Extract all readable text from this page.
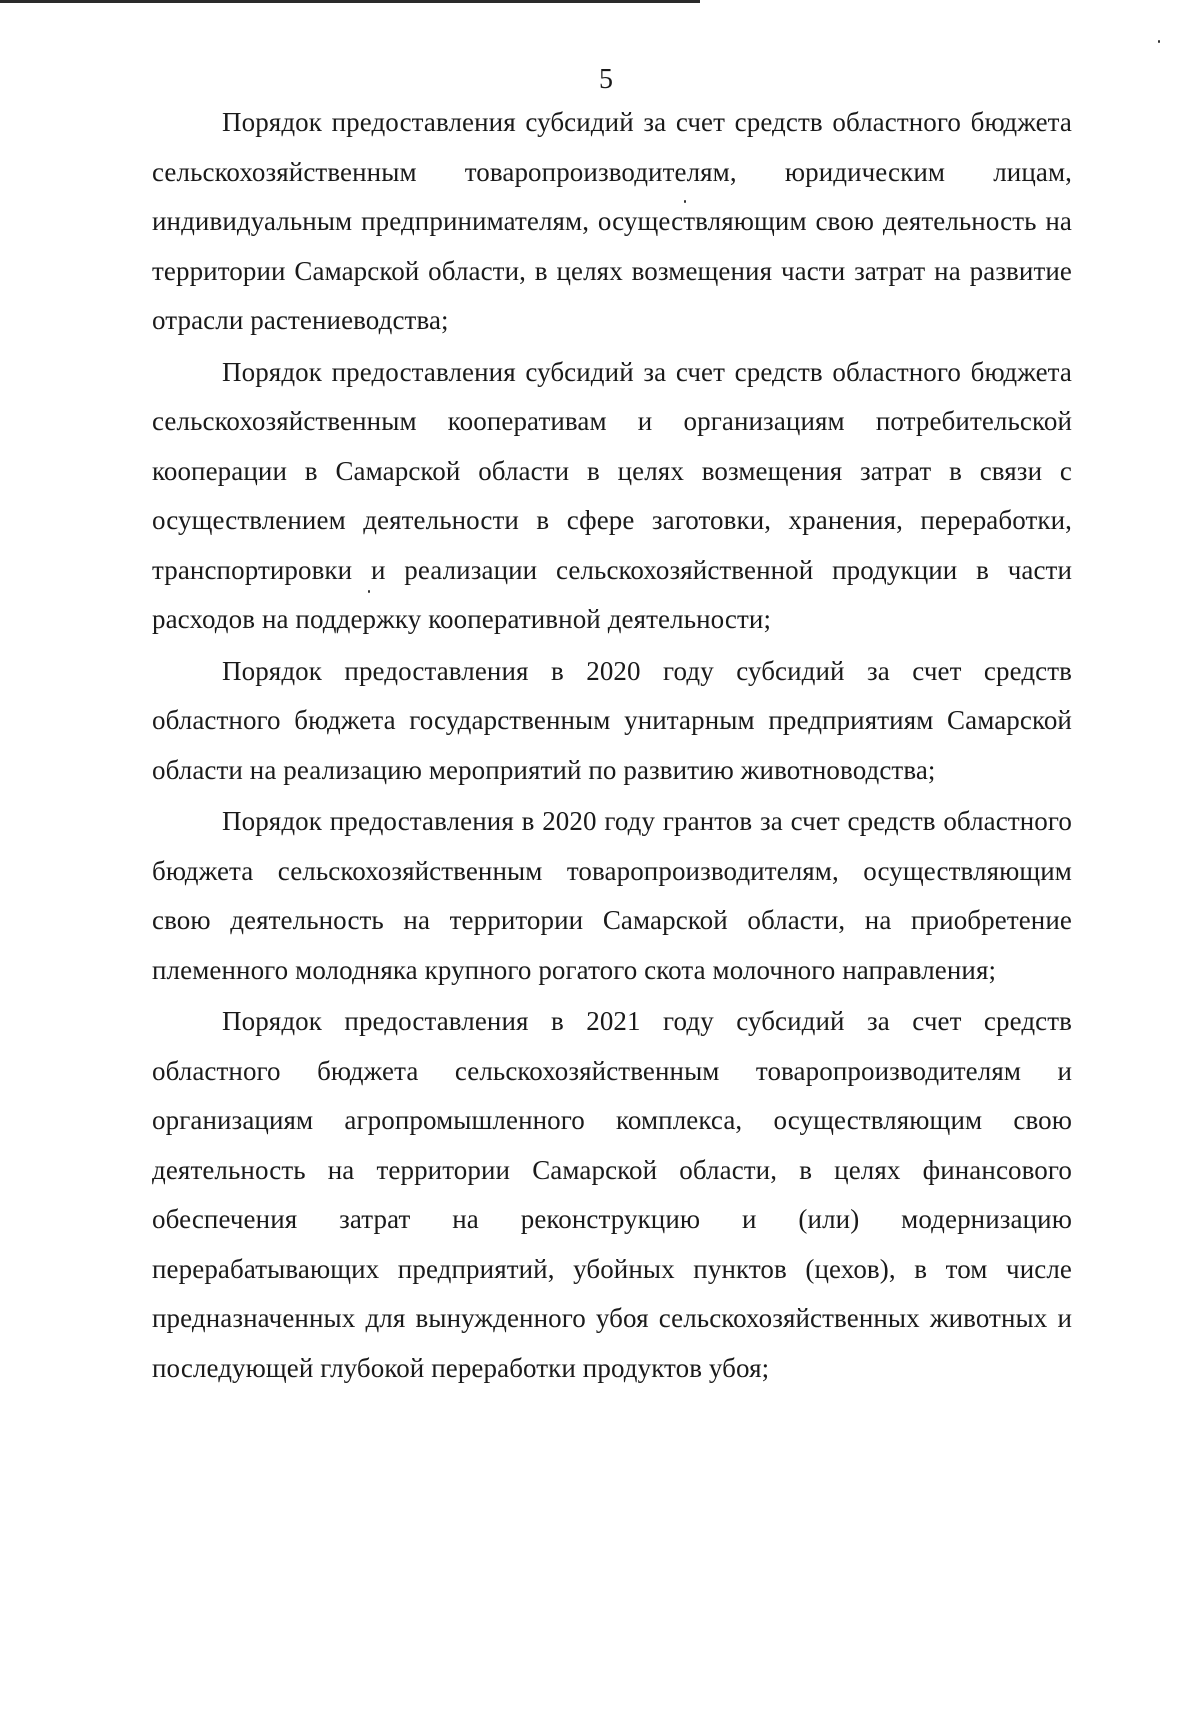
5

Порядок предоставления субсидий за счет средств областного бюджета сельскохозяйственным товаропроизводителям, юридическим лицам, индивидуальным предпринимателям, осуществляющим свою деятельность на территории Самарской области, в целях возмещения части затрат на развитие отрасли растениеводства;

Порядок предоставления субсидий за счет средств областного бюджета сельскохозяйственным кооперативам и организациям потребительской кооперации в Самарской области в целях возмещения затрат в связи с осуществлением деятельности в сфере заготовки, хранения, переработки, транспортировки и реализации сельскохозяйственной продукции в части расходов на поддержку кооперативной деятельности;

Порядок предоставления в 2020 году субсидий за счет средств областного бюджета государственным унитарным предприятиям Самарской области на реализацию мероприятий по развитию животноводства;

Порядок предоставления в 2020 году грантов за счет средств областного бюджета сельскохозяйственным товаропроизводителям, осуществляющим свою деятельность на территории Самарской области, на приобретение племенного молодняка крупного рогатого скота молочного направления;

Порядок предоставления в 2021 году субсидий за счет средств областного бюджета сельскохозяйственным товаропроизводителям и организациям агропромышленного комплекса, осуществляющим свою деятельность на территории Самарской области, в целях финансового обеспечения затрат на реконструкцию и (или) модернизацию перерабатывающих предприятий, убойных пунктов (цехов), в том числе предназначенных для вынужденного убоя сельскохозяйственных животных и последующей глубокой переработки продуктов убоя;
